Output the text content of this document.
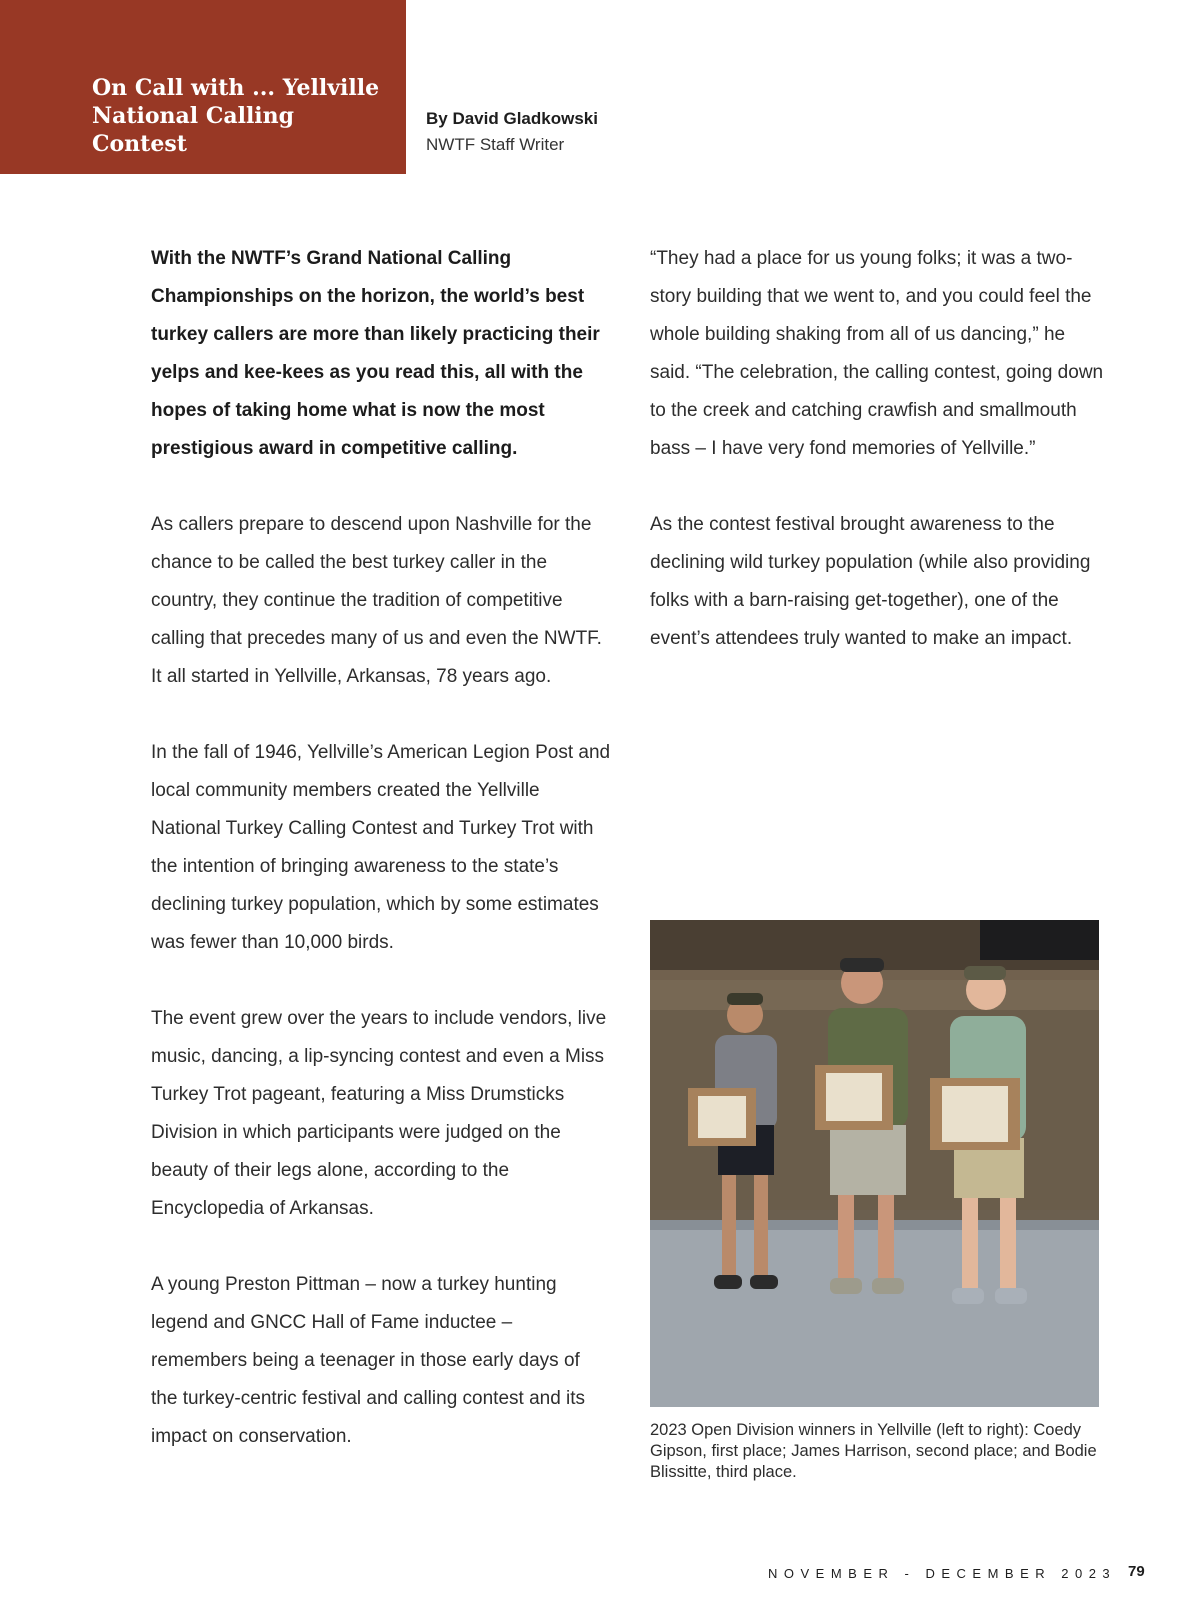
On Call with ... Yellville National Calling Contest
By David Gladkowski
NWTF Staff Writer

With the NWTF’s Grand National Calling Championships on the horizon, the world’s best turkey callers are more than likely practicing their yelps and kee-kees as you read this, all with the hopes of taking home what is now the most prestigious award in competitive calling.

As callers prepare to descend upon Nashville for the chance to be called the best turkey caller in the country, they continue the tradition of competitive calling that precedes many of us and even the NWTF. It all started in Yellville, Arkansas, 78 years ago.

In the fall of 1946, Yellville’s American Legion Post and local community members created the Yellville National Turkey Calling Contest and Turkey Trot with the intention of bringing awareness to the state’s declining turkey population, which by some estimates was fewer than 10,000 birds.

The event grew over the years to include vendors, live music, dancing, a lip-syncing contest and even a Miss Turkey Trot pageant, featuring a Miss Drumsticks Division in which participants were judged on the beauty of their legs alone, according to the Encyclopedia of Arkansas.

A young Preston Pittman – now a turkey hunting legend and GNCC Hall of Fame inductee – remembers being a teenager in those early days of the turkey-centric festival and calling contest and its impact on conservation.

“They had a place for us young folks; it was a two-story building that we went to, and you could feel the whole building shaking from all of us dancing,” he said. “The celebration, the calling contest, going down to the creek and catching crawfish and smallmouth bass – I have very fond memories of Yellville.”

As the contest festival brought awareness to the declining wild turkey population (while also providing folks with a barn-raising get-together), one of the event’s attendees truly wanted to make an impact.

2023 Open Division winners in Yellville (left to right): Coedy Gipson, first place; James Harrison, second place; and Bodie Blissitte, third place.
NOVEMBER - DECEMBER 2023 79
